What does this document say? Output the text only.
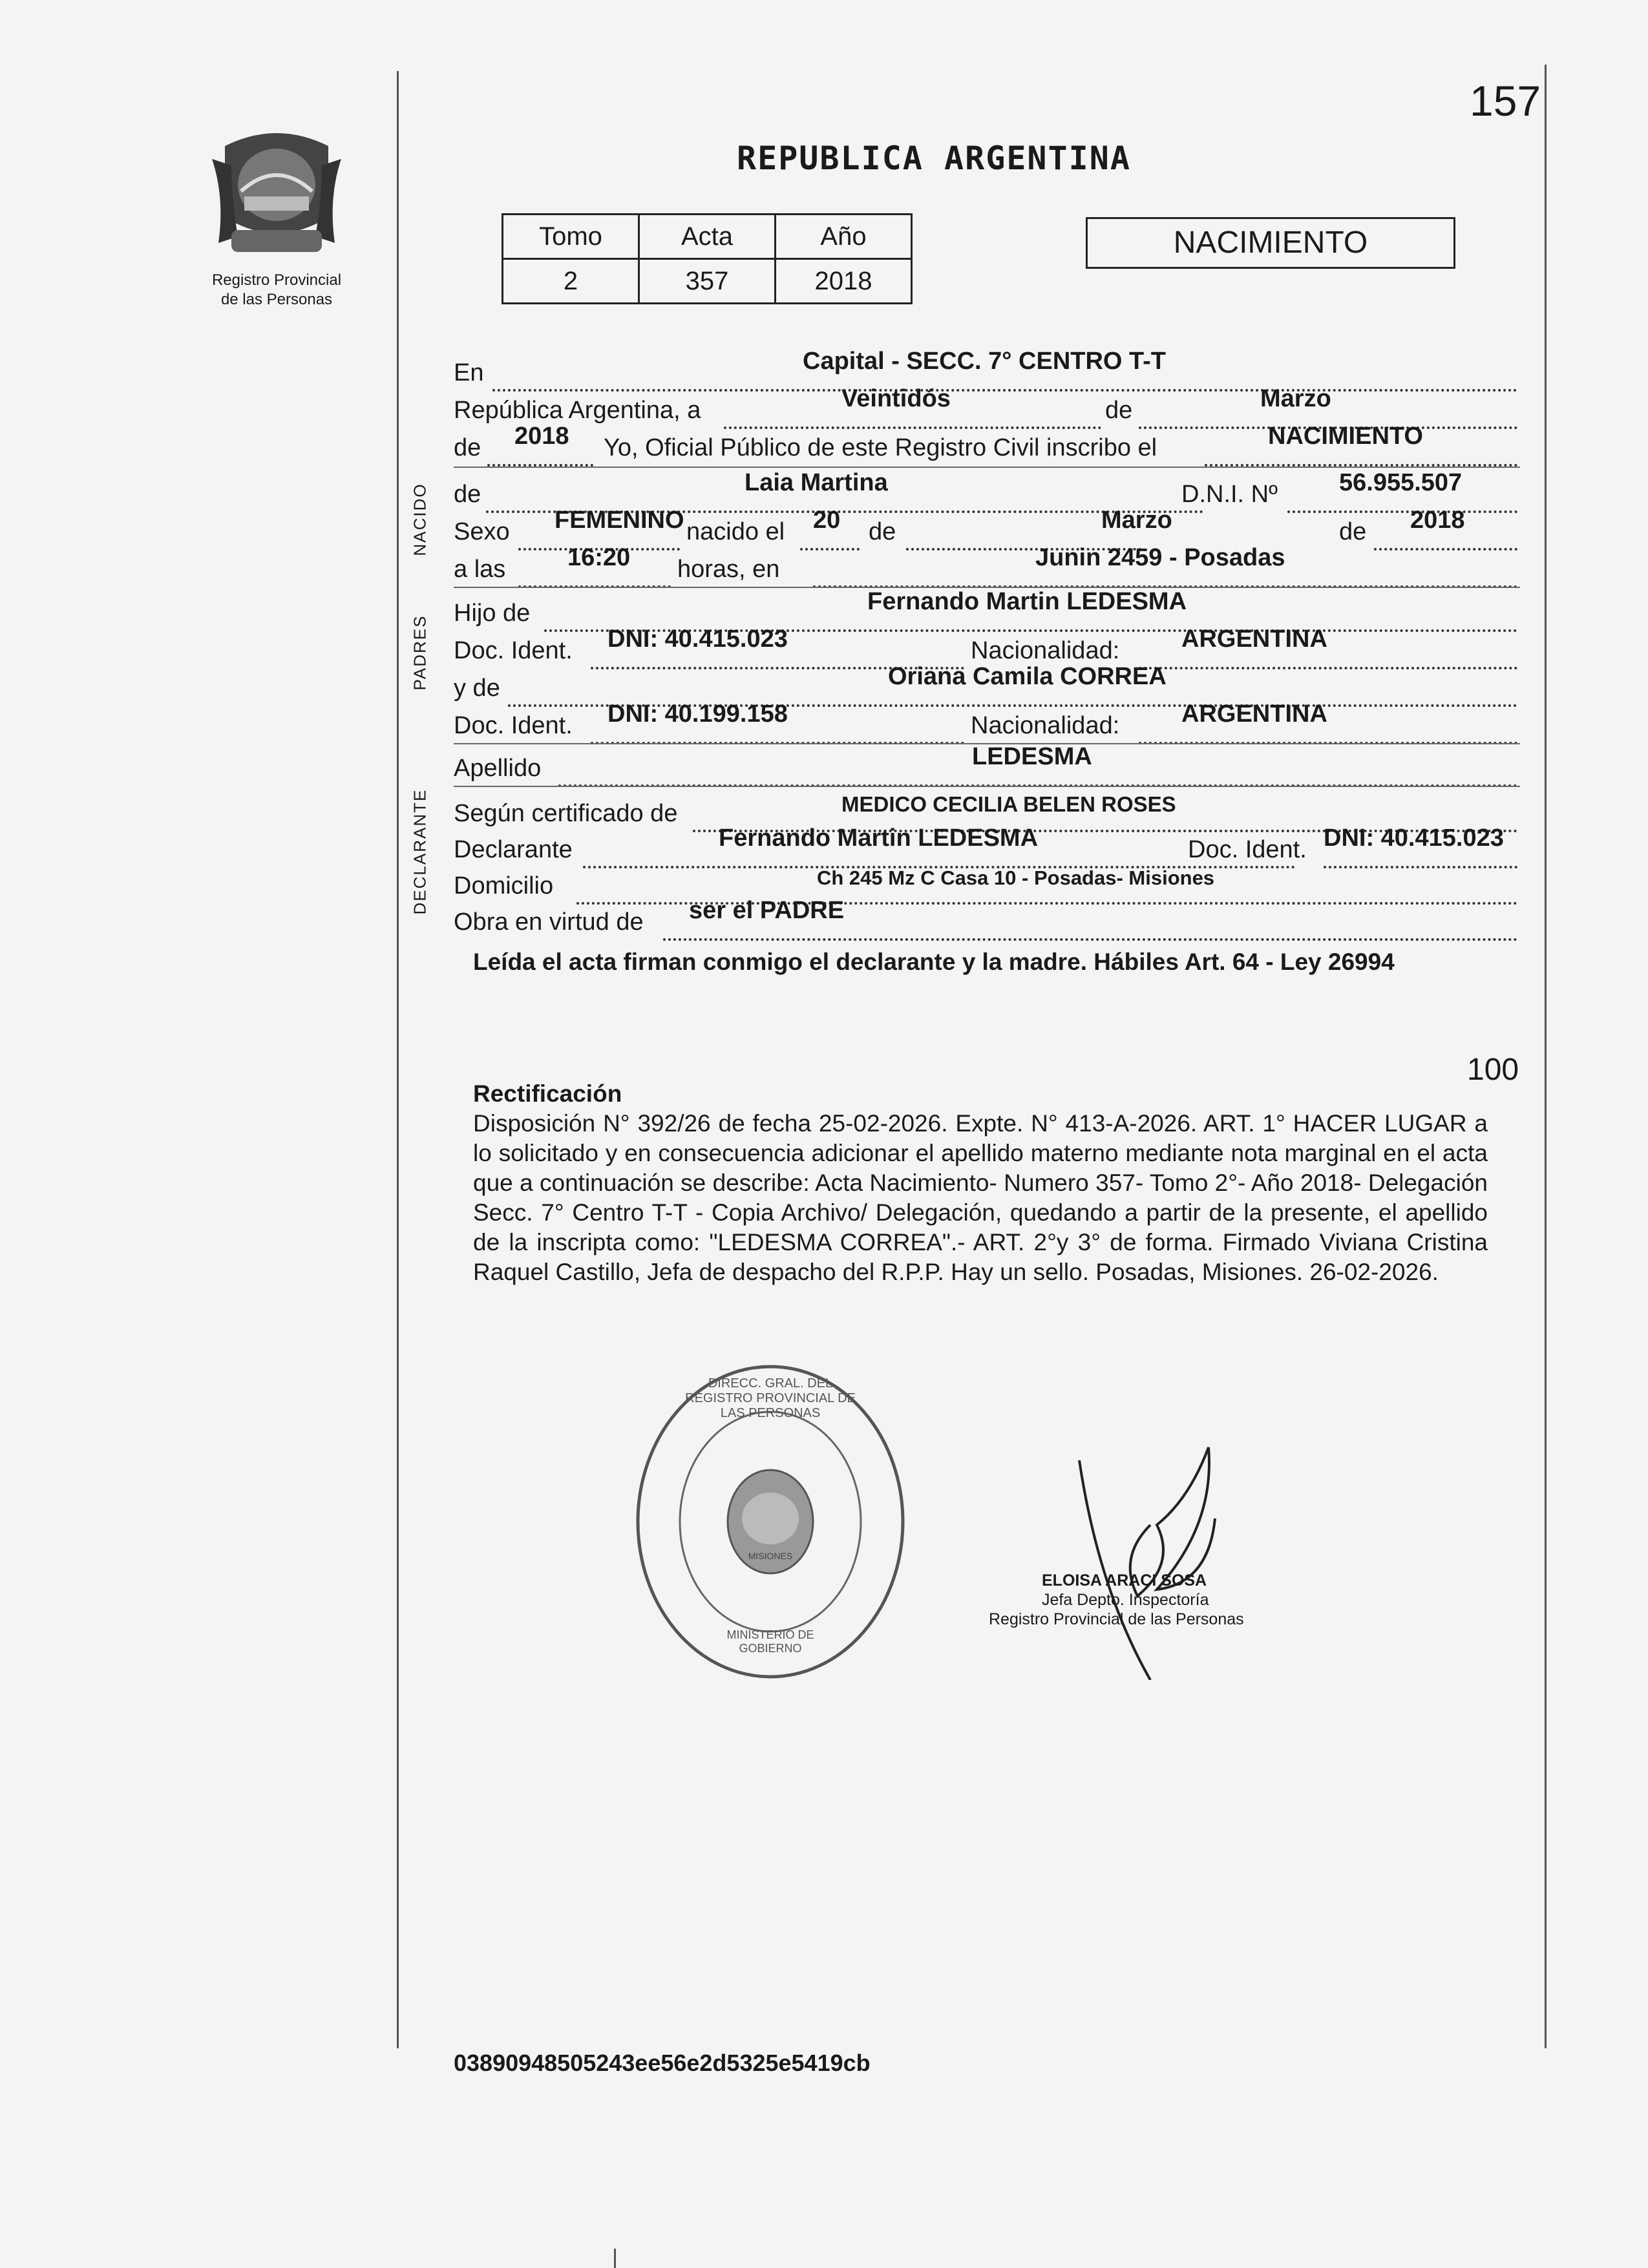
157
Registro Provincial
de las Personas
REPUBLICA ARGENTINA
Tomo	Acta	Año
2	357	2018
NACIMIENTO
En	Capital - SECC. 7° CENTRO T-T
República Argentina, a	Veintidós	de	Marzo
de 2018 Yo, Oficial Público de este Registro Civil inscribo el	NACIMIENTO
NACIDO de	Laia Martina	D.N.I. Nº	56.955.507
Sexo FEMENINO nacido el 20 de	Marzo	de 2018
a las	16:20 horas, en	Junin 2459 - Posadas
PADRES
Hijo de	Fernando Martin LEDESMA
Doc. Ident. DNI: 40.415.023	Nacionalidad:	ARGENTINA
y de	Oriana Camila CORREA
Doc. Ident. DNI: 40.199.158	Nacionalidad:	ARGENTINA
Apellido	LEDESMA
DECLARANTE Según certificado de	MEDICO CECILIA BELEN ROSES
Declarante	Fernando Martin LEDESMA	Doc. Ident. DNI: 40.415.023
Domicilio	Ch 245 Mz C Casa 10 - Posadas- Misiones
Obra en virtud de ser el PADRE
Leída el acta firman conmigo el declarante y la madre. Hábiles Art. 64 - Ley 26994
100
Rectificación
Disposición N° 392/26 de fecha 25-02-2026. Expte. N° 413-A-2026. ART. 1° HACER LUGAR a lo solicitado y en consecuencia adicionar el apellido materno mediante nota marginal en el acta que a continuación se describe: Acta Nacimiento- Numero 357- Tomo 2°- Año 2018- Delegación Secc. 7° Centro T-T - Copia Archivo/ Delegación, quedando a partir de la presente, el apellido de la inscripta como: "LEDESMA CORREA".- ART. 2°y 3° de forma. Firmado Viviana Cristina Raquel Castillo, Jefa de despacho del R.P.P. Hay un sello. Posadas, Misiones. 26-02-2026.
DIRECC. GRAL. DEL REGISTRO PROVINCIAL DE LAS PERSONAS
MINISTERIO DE GOBIERNO
MISIONES
ELOISA ARACI SOSA
Jefa Depto. Inspectoría
Registro Provincial de las Personas
03890948505243ee56e2d5325e5419cb
